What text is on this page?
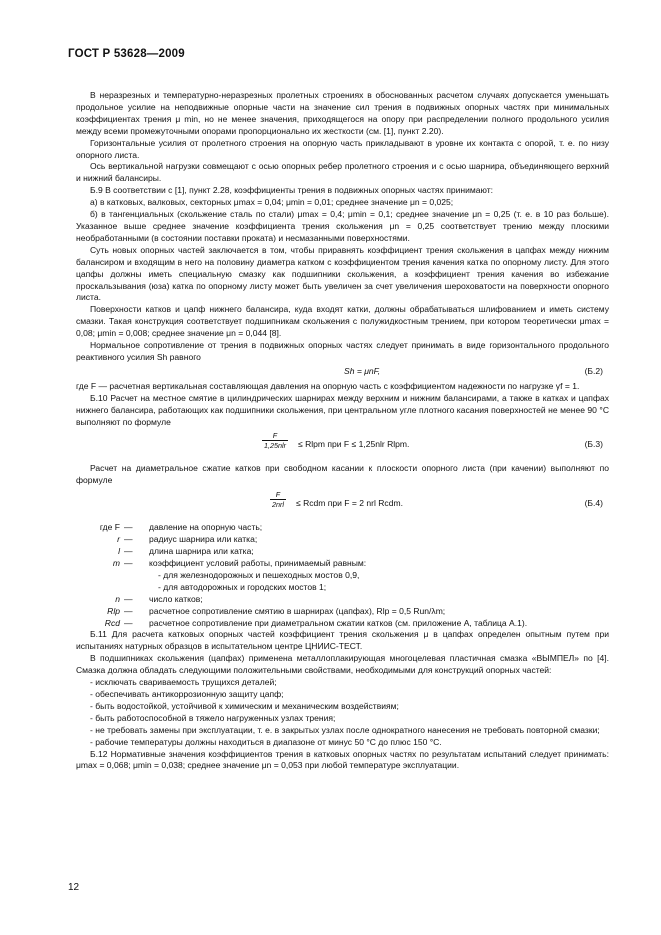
ГОСТ Р 53628—2009

В неразрезных и температурно-неразрезных пролетных строениях в обоснованных расчетом случаях допускается уменьшать продольное усилие на неподвижные опорные части на значение сил трения в подвижных опорных частях при минимальных коэффициентах трения μ min, но не менее значения, приходящегося на опору при распределении полного продольного усилия между всеми промежуточными опорами пропорционально их жесткости (см. [1], пункт 2.20).

Горизонтальные усилия от пролетного строения на опорную часть прикладывают в уровне их контакта с опорой, т. е. по низу опорного листа.

Ось вертикальной нагрузки совмещают с осью опорных ребер пролетного строения и с осью шарнира, объединяющего верхний и нижний балансиры.

Б.9 В соответствии с [1], пункт 2.28, коэффициенты трения в подвижных опорных частях принимают:

а) в катковых, валковых, секторных μmax = 0,04; μmin = 0,01; среднее значение μn = 0,025;

б) в тангенциальных (скольжение сталь по стали) μmax = 0,4; μmin = 0,1; среднее значение μn = 0,25 (т. е. в 10 раз больше). Указанное выше среднее значение коэффициента трения скольжения μn = 0,25 соответствует трению между плоскими необработанными (в состоянии поставки проката) и несмазанными поверхностями.

Суть новых опорных частей заключается в том, чтобы приравнять коэффициент трения скольжения в цапфах между нижним балансиром и входящим в него на половину диаметра катком с коэффициентом трения качения катка по опорному листу. Для этого цапфы должны иметь специальную смазку как подшипники скольжения, а коэффициент трения качения во избежание проскальзывания (юза) катка по опорному листу может быть увеличен за счет увеличения шероховатости на поверхности опорного листа.

Поверхности катков и цапф нижнего балансира, куда входят катки, должны обрабатываться шлифованием и иметь систему смазки. Такая конструкция соответствует подшипникам скольжения с полужидкостным трением, при котором теоретически μmax = 0,08; μmin = 0,008; среднее значение μn = 0,044 [8].

Нормальное сопротивление от трения в подвижных опорных частях следует принимать в виде горизонтального продольного реактивного усилия Sh равного

Sh = μnF,	(Б.2)

где F — расчетная вертикальная составляющая давления на опорную часть с коэффициентом надежности по нагрузке γf = 1.

Б.10 Расчет на местное смятие в цилиндрических шарнирах между верхним и нижним балансирами, а также в катках и цапфах нижнего балансира, работающих как подшипники скольжения, при центральном угле плотного касания поверхностей не менее 90 °С выполняют по формуле

F
1,25nlr ≤ Rlpm при F ≤ 1,25nlr Rlpm.	(Б.3)

Расчет на диаметральное сжатие катков при свободном касании к плоскости опорного листа (при качении) выполняют по формуле

F
2nrl ≤ Rcdm при F = 2 nrl Rcdm.	(Б.4)
где F — давление на опорную часть;
r — радиус шарнира или катка;
l — длина шарнира или катка;
m — коэффициент условий работы, принимаемый равным:
- для железнодорожных и пешеходных мостов 0,9,
- для автодорожных и городских мостов 1;
n — число катков;
Rlp — расчетное сопротивление смятию в шарнирах (цапфах), Rlp = 0,5 Run/λm;
Rcd — расчетное сопротивление при диаметральном сжатии катков (см. приложение А, таблица А.1).

Б.11 Для расчета катковых опорных частей коэффициент трения скольжения μ в цапфах определен опытным путем при испытаниях натурных образцов в испытательном центре ЦНИИС-ТЕСТ.

В подшипниках скольжения (цапфах) применена металлоплакирующая многоцелевая пластичная смазка «ВЫМПЕЛ» по [4]. Смазка должна обладать следующими положительными свойствами, необходимыми для конструкций опорных частей:

- исключать свариваемость трущихся деталей;
- обеспечивать антикоррозионную защиту цапф;
- быть водостойкой, устойчивой к химическим и механическим воздействиям;
- быть работоспособной в тяжело нагруженных узлах трения;
- не требовать замены при эксплуатации, т. е. в закрытых узлах после однократного нанесения не требовать повторной смазки;
- рабочие температуры должны находиться в диапазоне от минус 50 °С до плюс 150 °С.

Б.12 Нормативные значения коэффициентов трения в катковых опорных частях по результатам испытаний следует принимать: μmax = 0,068; μmin = 0,038; среднее значение μn = 0,053 при любой температуре эксплуатации.

12
